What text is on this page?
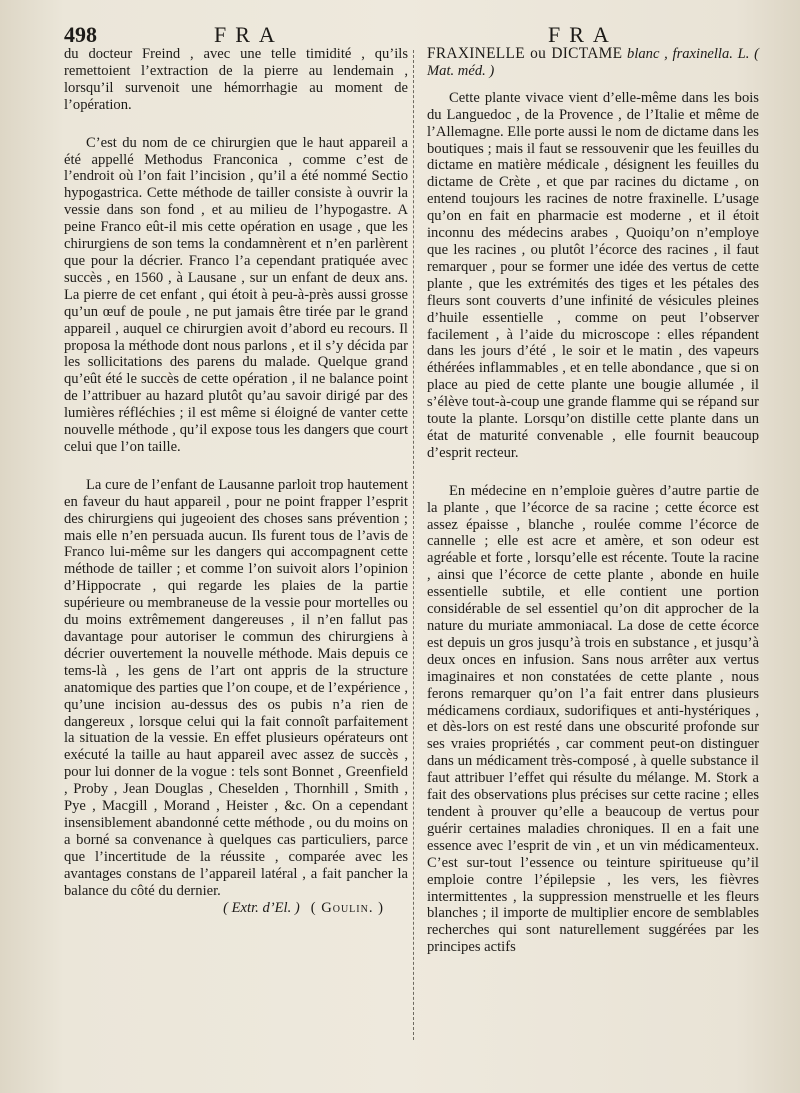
498	FRA	FRA

du docteur Freind , avec une telle timidité , qu’ils remettoient l’extraction de la pierre au lendemain , lorsqu’il survenoit une hémorrhagie au moment de l’opération.

C’est du nom de ce chirurgien que le haut appareil a été appellé Methodus Franconica , comme c’est de l’endroit où l’on fait l’incision , qu’il a été nommé Sectio hypogastrica. Cette méthode de tailler consiste à ouvrir la vessie dans son fond , et au milieu de l’hypogastre. A peine Franco eût-il mis cette opération en usage , que les chirurgiens de son tems la condamnèrent et n’en parlèrent que pour la décrier. Franco l’a cependant pratiquée avec succès , en 1560 , à Lausane , sur un enfant de deux ans. La pierre de cet enfant , qui étoit à peu-à-près aussi grosse qu’un œuf de poule , ne put jamais être tirée par le grand appareil , auquel ce chirurgien avoit d’abord eu recours. Il proposa la méthode dont nous parlons , et il s’y décida par les sollicitations des parens du malade. Quelque grand qu’eût été le succès de cette opération , il ne balance point de l’attribuer au hazard plutôt qu’au savoir dirigé par des lumières réfléchies ; il est même si éloigné de vanter cette nouvelle méthode , qu’il expose tous les dangers que court celui que l’on taille.

La cure de l’enfant de Lausanne parloit trop hautement en faveur du haut appareil , pour ne point frapper l’esprit des chirurgiens qui jugeoient des choses sans prévention ; mais elle n’en persuada aucun. Ils furent tous de l’avis de Franco lui-même sur les dangers qui accompagnent cette méthode de tailler ; et comme l’on suivoit alors l’opinion d’Hippocrate , qui regarde les plaies de la partie supérieure ou membraneuse de la vessie pour mortelles ou du moins extrêmement dangereuses , il n’en fallut pas davantage pour autoriser le commun des chirurgiens à décrier ouvertement la nouvelle méthode. Mais depuis ce tems-là , les gens de l’art ont appris de la structure anatomique des parties que l’on coupe, et de l’expérience , qu’une incision au-dessus des os pubis n’a rien de dangereux , lorsque celui qui la fait connoît parfaitement la situation de la vessie. En effet plusieurs opérateurs ont exécuté la taille au haut appareil avec assez de succès , pour lui donner de la vogue : tels sont Bonnet , Greenfield , Proby , Jean Douglas , Cheselden , Thornhill , Smith , Pye , Macgill , Morand , Heister , &c. On a cependant insensiblement abandonné cette méthode , ou du moins on a borné sa convenance à quelques cas particuliers, parce que l’incertitude de la réussite , comparée avec les avantages constans de l’appareil latéral , a fait pancher la balance du côté du dernier.

( Extr. d’El. ) ( Goulin. )

FRAXINELLE ou DICTAME blanc , fraxinella. L. ( Mat. méd. )

Cette plante vivace vient d’elle-même dans les bois du Languedoc , de la Provence , de l’Italie et même de l’Allemagne. Elle porte aussi le nom de dictame dans les boutiques ; mais il faut se ressouvenir que les feuilles du dictame en matière médicale , désignent les feuilles du dictame de Crète , et que par racines du dictame , on entend toujours les racines de notre fraxinelle. L’usage qu’on en fait en pharmacie est moderne , et il étoit inconnu des médecins arabes , Quoiqu’on n’employe que les racines , ou plutôt l’écorce des racines , il faut remarquer , pour se former une idée des vertus de cette plante , que les extrémités des tiges et les pétales des fleurs sont couverts d’une infinité de vésicules pleines d’huile essentielle , comme on peut l’observer facilement , à l’aide du microscope : elles répandent dans les jours d’été , le soir et le matin , des vapeurs éthérées inflammables , et en telle abondance , que si on place au pied de cette plante une bougie allumée , il s’élève tout-à-coup une grande flamme qui se répand sur toute la plante. Lorsqu’on distille cette plante dans un état de maturité convenable , elle fournit beaucoup d’esprit recteur.

En médecine en n’emploie guères d’autre partie de la plante , que l’écorce de sa racine ; cette écorce est assez épaisse , blanche , roulée comme l’écorce de cannelle ; elle est acre et amère, et son odeur est agréable et forte , lorsqu’elle est récente. Toute la racine , ainsi que l’écorce de cette plante , abonde en huile essentielle subtile, et elle contient une portion considérable de sel essentiel qu’on dit approcher de la nature du muriate ammoniacal. La dose de cette écorce est depuis un gros jusqu’à trois en substance , et jusqu’à deux onces en infusion. Sans nous arrêter aux vertus imaginaires et non constatées de cette plante , nous ferons remarquer qu’on l’a fait entrer dans plusieurs médicamens cordiaux, sudorifiques et anti-hystériques , et dès-lors on est resté dans une obscurité profonde sur ses vraies propriétés , car comment peut-on distinguer dans un médicament très-composé , à quelle substance il faut attribuer l’effet qui résulte du mélange. M. Stork a fait des observations plus précises sur cette racine ; elles tendent à prouver qu’elle a beaucoup de vertus pour guérir certaines maladies chroniques. Il en a fait une essence avec l’esprit de vin , et un vin médicamenteux. C’est sur-tout l’essence ou teinture spiritueuse qu’il emploie contre l’épilepsie , les vers, les fièvres intermittentes , la suppression menstruelle et les fleurs blanches ; il importe de multiplier encore de semblables recherches qui sont naturellement suggérées par les principes actifs
